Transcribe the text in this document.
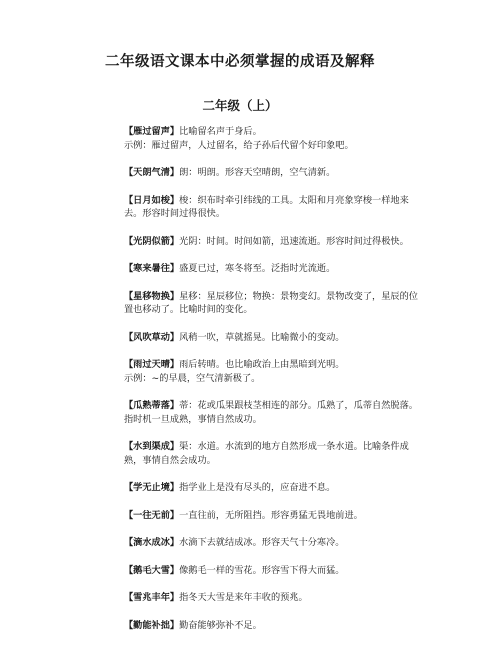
二年级语文课本中必须掌握的成语及解释
二年级（上）
【雁过留声】比喻留名声于身后。
示例：雁过留声，人过留名，给子孙后代留个好印象吧。
【天朗气清】朗：明朗。形容天空晴朗，空气清新。
【日月如梭】梭：织布时牵引纬线的工具。太阳和月亮象穿梭一样地来去。形容时间过得很快。
【光阴似箭】光阴：时间。时间如箭，迅速流逝。形容时间过得极快。
【寒来暑往】盛夏已过，寒冬将至。泛指时光流逝。
【星移物换】星移：星辰移位；物换：景物变幻。景物改变了，星辰的位置也移动了。比喻时间的变化。
【风吹草动】风稍一吹，草就摇晃。比喻微小的变动。
【雨过天晴】雨后转晴。也比喻政治上由黑暗到光明。
示例：~的早晨，空气清新极了。
【瓜熟蒂落】蒂：花或瓜果跟枝茎相连的部分。瓜熟了，瓜蒂自然脱落。指时机一旦成熟，事情自然成功。
【水到渠成】渠：水道。水流到的地方自然形成一条水道。比喻条件成熟，事情自然会成功。
【学无止境】指学业上是没有尽头的，应奋进不息。
【一往无前】一直往前，无所阻挡。形容勇猛无畏地前进。
【滴水成冰】水滴下去就结成冰。形容天气十分寒冷。
【鹅毛大雪】像鹅毛一样的雪花。形容雪下得大而猛。
【雪兆丰年】指冬天大雪是来年丰收的预兆。
【勤能补拙】勤奋能够弥补不足。
